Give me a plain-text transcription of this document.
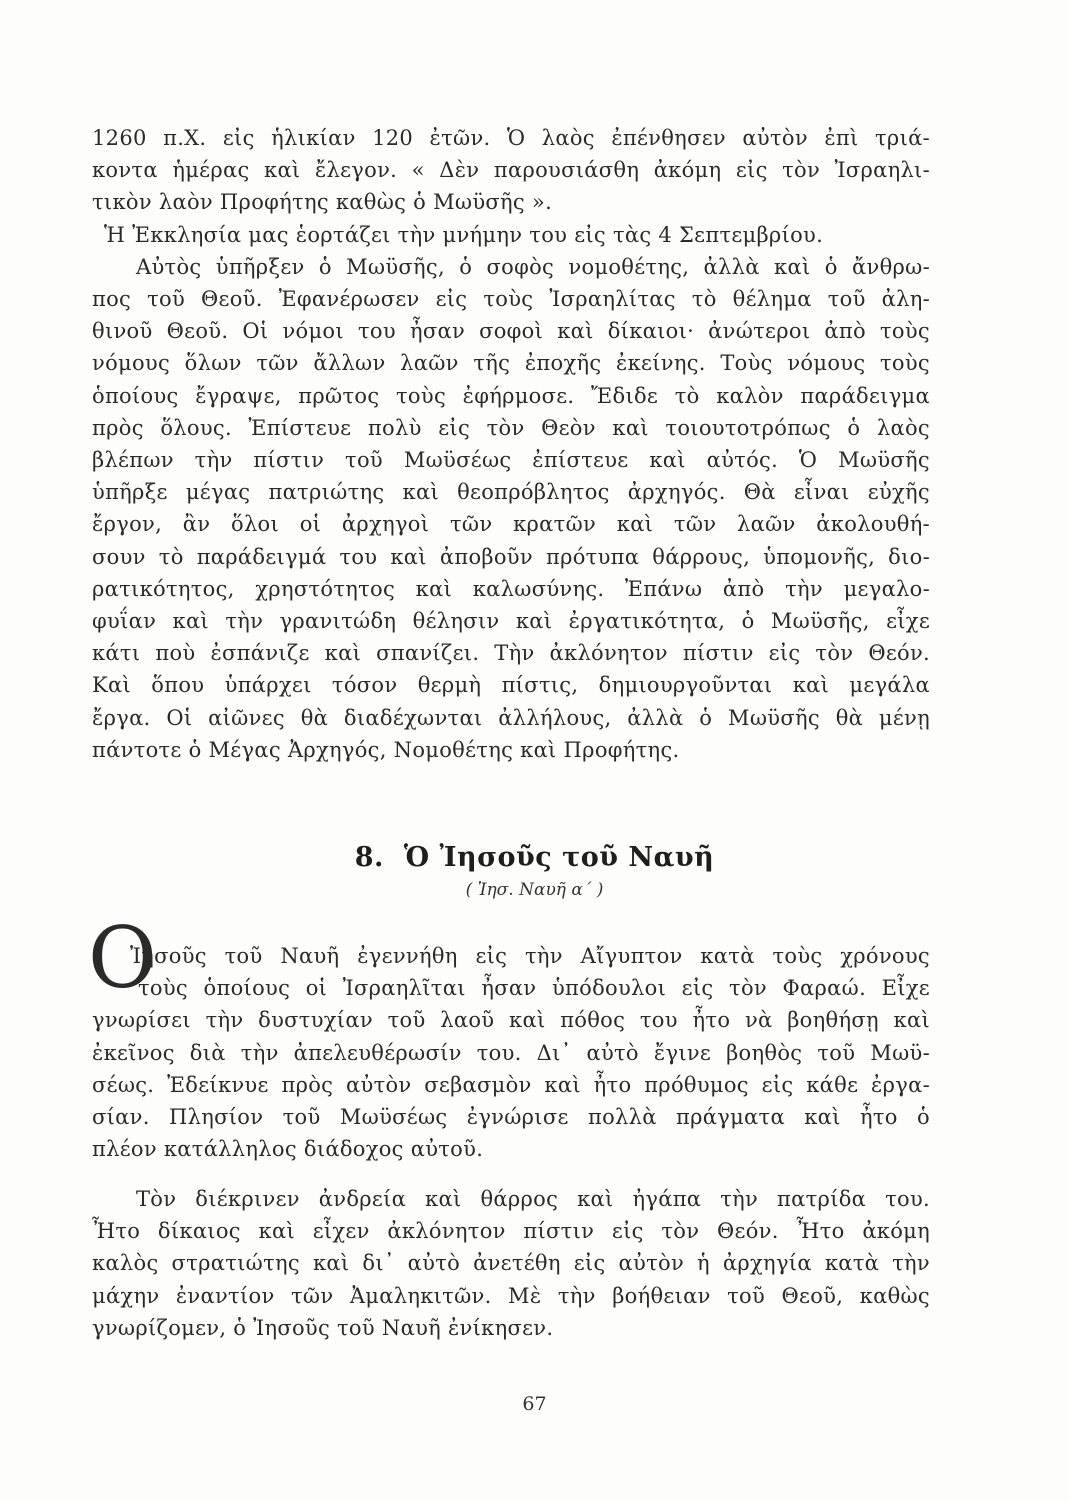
1260 π.Χ. εἰς ἡλικίαν 120 ἐτῶν. Ὁ λαὸς ἐπένθησεν αὐτὸν ἐπὶ τριά-
κοντα ἡμέρας καὶ ἔλεγον. « Δὲν παρουσιάσθη ἀκόμη εἰς τὸν Ἰσραηλι-
τικὸν λαὸν Προφήτης καθὼς ὁ Μωϋσῆς ».
Ἡ Ἐκκλησία μας ἑορτάζει τὴν μνήμην του εἰς τὰς 4 Σεπτεμβρίου.
Αὐτὸς ὑπῆρξεν ὁ Μωϋσῆς, ὁ σοφὸς νομοθέτης, ἀλλὰ καὶ ὁ ἄνθρω-
πος τοῦ Θεοῦ. Ἐφανέρωσεν εἰς τοὺς Ἰσραηλίτας τὸ θέλημα τοῦ ἀλη-
θινοῦ Θεοῦ. Οἱ νόμοι του ἦσαν σοφοὶ καὶ δίκαιοι· ἀνώτεροι ἀπὸ τοὺς
νόμους ὅλων τῶν ἄλλων λαῶν τῆς ἐποχῆς ἐκείνης. Τοὺς νόμους τοὺς
ὁποίους ἔγραψε, πρῶτος τοὺς ἐφήρμοσε. Ἔδιδε τὸ καλὸν παράδειγμα
πρὸς ὅλους. Ἐπίστευε πολὺ εἰς τὸν Θεὸν καὶ τοιουτοτρόπως ὁ λαὸς
βλέπων τὴν πίστιν τοῦ Μωϋσέως ἐπίστευε καὶ αὐτός. Ὁ Μωϋσῆς
ὑπῆρξε μέγας πατριώτης καὶ θεοπρόβλητος ἀρχηγός. Θὰ εἶναι εὐχῆς
ἔργον, ἂν ὅλοι οἱ ἀρχηγοὶ τῶν κρατῶν καὶ τῶν λαῶν ἀκολουθή-
σουν τὸ παράδειγμά του καὶ ἀποβοῦν πρότυπα θάρρους, ὑπομονῆς, διο-
ρατικότητος, χρηστότητος καὶ καλωσύνης. Ἐπάνω ἀπὸ τὴν μεγαλο-
φυΐαν καὶ τὴν γρανιτώδη θέλησιν καὶ ἐργατικότητα, ὁ Μωϋσῆς, εἶχε
κάτι ποὺ ἐσπάνιζε καὶ σπανίζει. Τὴν ἀκλόνητον πίστιν εἰς τὸν Θεόν.
Καὶ ὅπου ὑπάρχει τόσον θερμὴ πίστις, δημιουργοῦνται καὶ μεγάλα
ἔργα. Οἱ αἰῶνες θὰ διαδέχωνται ἀλλήλους, ἀλλὰ ὁ Μωϋσῆς θὰ μένῃ
πάντοτε ὁ Μέγας Ἀρχηγός, Νομοθέτης καὶ Προφήτης.
8. Ὁ Ἰησοῦς τοῦ Ναυῆ
( Ἰησ. Ναυῆ α΄ )
Ο
Ἰησοῦς τοῦ Ναυῆ ἐγεννήθη εἰς τὴν Αἴγυπτον κατὰ τοὺς χρόνους
τοὺς ὁποίους οἱ Ἰσραηλῖται ἦσαν ὑπόδουλοι εἰς τὸν Φαραώ. Εἶχε
γνωρίσει τὴν δυστυχίαν τοῦ λαοῦ καὶ πόθος του ἦτο νὰ βοηθήσῃ καὶ
ἐκεῖνος διὰ τὴν ἀπελευθέρωσίν του. Δι᾽ αὐτὸ ἔγινε βοηθὸς τοῦ Μωϋ-
σέως. Ἐδείκνυε πρὸς αὐτὸν σεβασμὸν καὶ ἦτο πρόθυμος εἰς κάθε ἐργα-
σίαν. Πλησίον τοῦ Μωϋσέως ἐγνώρισε πολλὰ πράγματα καὶ ἦτο ὁ
πλέον κατάλληλος διάδοχος αὐτοῦ.
Τὸν διέκρινεν ἀνδρεία καὶ θάρρος καὶ ἠγάπα τὴν πατρίδα του.
Ἦτο δίκαιος καὶ εἶχεν ἀκλόνητον πίστιν εἰς τὸν Θεόν. Ἦτο ἀκόμη
καλὸς στρατιώτης καὶ δι᾽ αὐτὸ ἀνετέθη εἰς αὐτὸν ἡ ἀρχηγία κατὰ τὴν
μάχην ἐναντίον τῶν Ἀμαληκιτῶν. Μὲ τὴν βοήθειαν τοῦ Θεοῦ, καθὼς
γνωρίζομεν, ὁ Ἰησοῦς τοῦ Ναυῆ ἐνίκησεν.
67
